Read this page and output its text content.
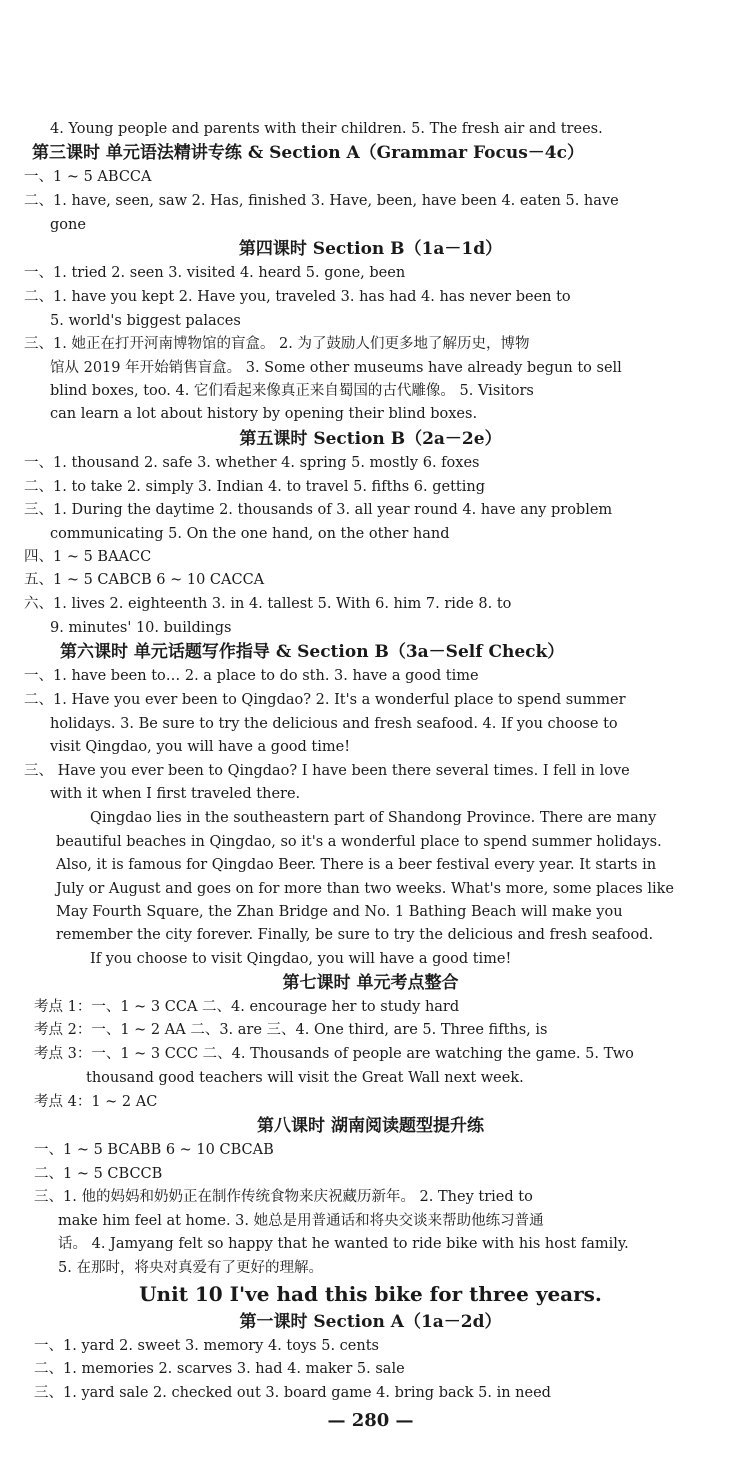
4. Young people and parents with their children. 5. The fresh air and trees.
第三课时 单元语法精讲专练 & Section A（Grammar Focus－4c）
一、1 ~ 5 ABCCA
二、1. have, seen, saw 2. Has, finished 3. Have, been, have been 4. eaten 5. have
gone
第四课时 Section B（1a－1d）
一、1. tried 2. seen 3. visited 4. heard 5. gone, been
二、1. have you kept 2. Have you, traveled 3. has had 4. has never been to
5. world's biggest palaces
三、1. 她正在打开河南博物馆的盲盒。 2. 为了鼓励人们更多地了解历史，博物
馆从 2019 年开始销售盲盒。 3. Some other museums have already begun to sell
blind boxes, too. 4. 它们看起来像真正来自蜀国的古代雕像。 5. Visitors
can learn a lot about history by opening their blind boxes.
第五课时 Section B（2a－2e）
一、1. thousand 2. safe 3. whether 4. spring 5. mostly 6. foxes
二、1. to take 2. simply 3. Indian 4. to travel 5. fifths 6. getting
三、1. During the daytime 2. thousands of 3. all year round 4. have any problem
communicating 5. On the one hand, on the other hand
四、1 ~ 5 BAACC
五、1 ~ 5 CABCB 6 ~ 10 CACCA
六、1. lives 2. eighteenth 3. in 4. tallest 5. With 6. him 7. ride 8. to
9. minutes' 10. buildings
第六课时 单元话题写作指导 & Section B（3a－Self Check）
一、1. have been to… 2. a place to do sth. 3. have a good time
二、1. Have you ever been to Qingdao? 2. It's a wonderful place to spend summer
holidays. 3. Be sure to try the delicious and fresh seafood. 4. If you choose to
visit Qingdao, you will have a good time!
三、 Have you ever been to Qingdao? I have been there several times. I fell in love
with it when I first traveled there.
Qingdao lies in the southeastern part of Shandong Province. There are many
beautiful beaches in Qingdao, so it's a wonderful place to spend summer holidays.
Also, it is famous for Qingdao Beer. There is a beer festival every year. It starts in
July or August and goes on for more than two weeks. What's more, some places like
May Fourth Square, the Zhan Bridge and No. 1 Bathing Beach will make you
remember the city forever. Finally, be sure to try the delicious and fresh seafood.
If you choose to visit Qingdao, you will have a good time!
第七课时 单元考点整合
考点 1：一、1 ~ 3 CCA 二、4. encourage her to study hard
考点 2：一、1 ~ 2 AA 二、3. are 三、4. One third, are 5. Three fifths, is
考点 3：一、1 ~ 3 CCC 二、4. Thousands of people are watching the game. 5. Two
thousand good teachers will visit the Great Wall next week.
考点 4：1 ~ 2 AC
第八课时 湖南阅读题型提升练
一、1 ~ 5 BCABB 6 ~ 10 CBCAB
二、1 ~ 5 CBCCB
三、1. 他的妈妈和奶奶正在制作传统食物来庆祝藏历新年。 2. They tried to
make him feel at home. 3. 她总是用普通话和将央交谈来帮助他练习普通
话。 4. Jamyang felt so happy that he wanted to ride bike with his host family.
5. 在那时，将央对真爱有了更好的理解。
Unit 10 I've had this bike for three years.
第一课时 Section A（1a－2d）
一、1. yard 2. sweet 3. memory 4. toys 5. cents
二、1. memories 2. scarves 3. had 4. maker 5. sale
三、1. yard sale 2. checked out 3. board game 4. bring back 5. in need
— 280 —
